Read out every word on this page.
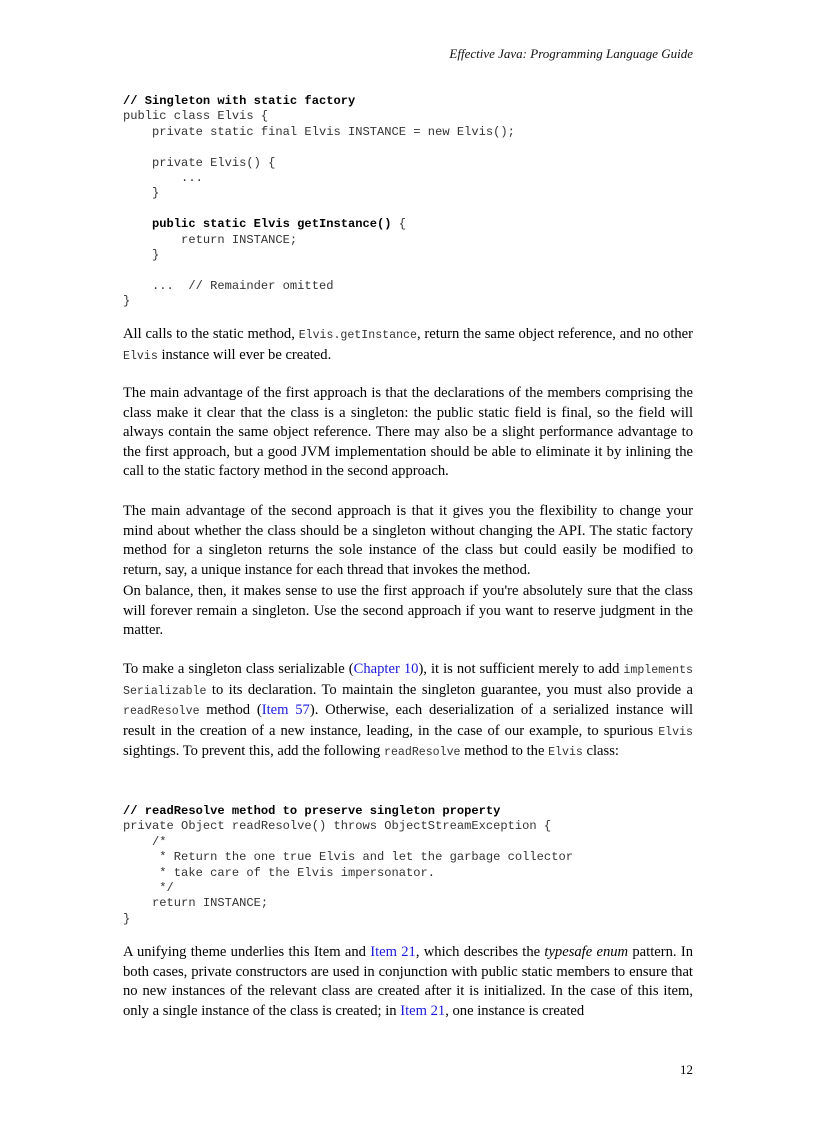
Effective Java: Programming Language Guide
// Singleton with static factory
public class Elvis {
private static final Elvis INSTANCE = new Elvis();

private Elvis() {
...
}

public static Elvis getInstance() {
return INSTANCE;
}

...  // Remainder omitted
}

All calls to the static method, Elvis.getInstance, return the same object reference, and no other Elvis instance will ever be created.

The main advantage of the first approach is that the declarations of the members comprising the class make it clear that the class is a singleton: the public static field is final, so the field will always contain the same object reference. There may also be a slight performance advantage to the first approach, but a good JVM implementation should be able to eliminate it by inlining the call to the static factory method in the second approach.

The main advantage of the second approach is that it gives you the flexibility to change your mind about whether the class should be a singleton without changing the API. The static factory method for a singleton returns the sole instance of the class but could easily be modified to return, say, a unique instance for each thread that invokes the method.

On balance, then, it makes sense to use the first approach if you're absolutely sure that the class will forever remain a singleton. Use the second approach if you want to reserve judgment in the matter.

To make a singleton class serializable (Chapter 10), it is not sufficient merely to add implements Serializable to its declaration. To maintain the singleton guarantee, you must also provide a readResolve method (Item 57). Otherwise, each deserialization of a serialized instance will result in the creation of a new instance, leading, in the case of our example, to spurious Elvis sightings. To prevent this, add the following readResolve method to the Elvis class:

// readResolve method to preserve singleton property
private Object readResolve() throws ObjectStreamException {
/*
* Return the one true Elvis and let the garbage collector
* take care of the Elvis impersonator.
*/
return INSTANCE;
}

A unifying theme underlies this Item and Item 21, which describes the typesafe enum pattern. In both cases, private constructors are used in conjunction with public static members to ensure that no new instances of the relevant class are created after it is initialized. In the case of this item, only a single instance of the class is created; in Item 21, one instance is created

12
